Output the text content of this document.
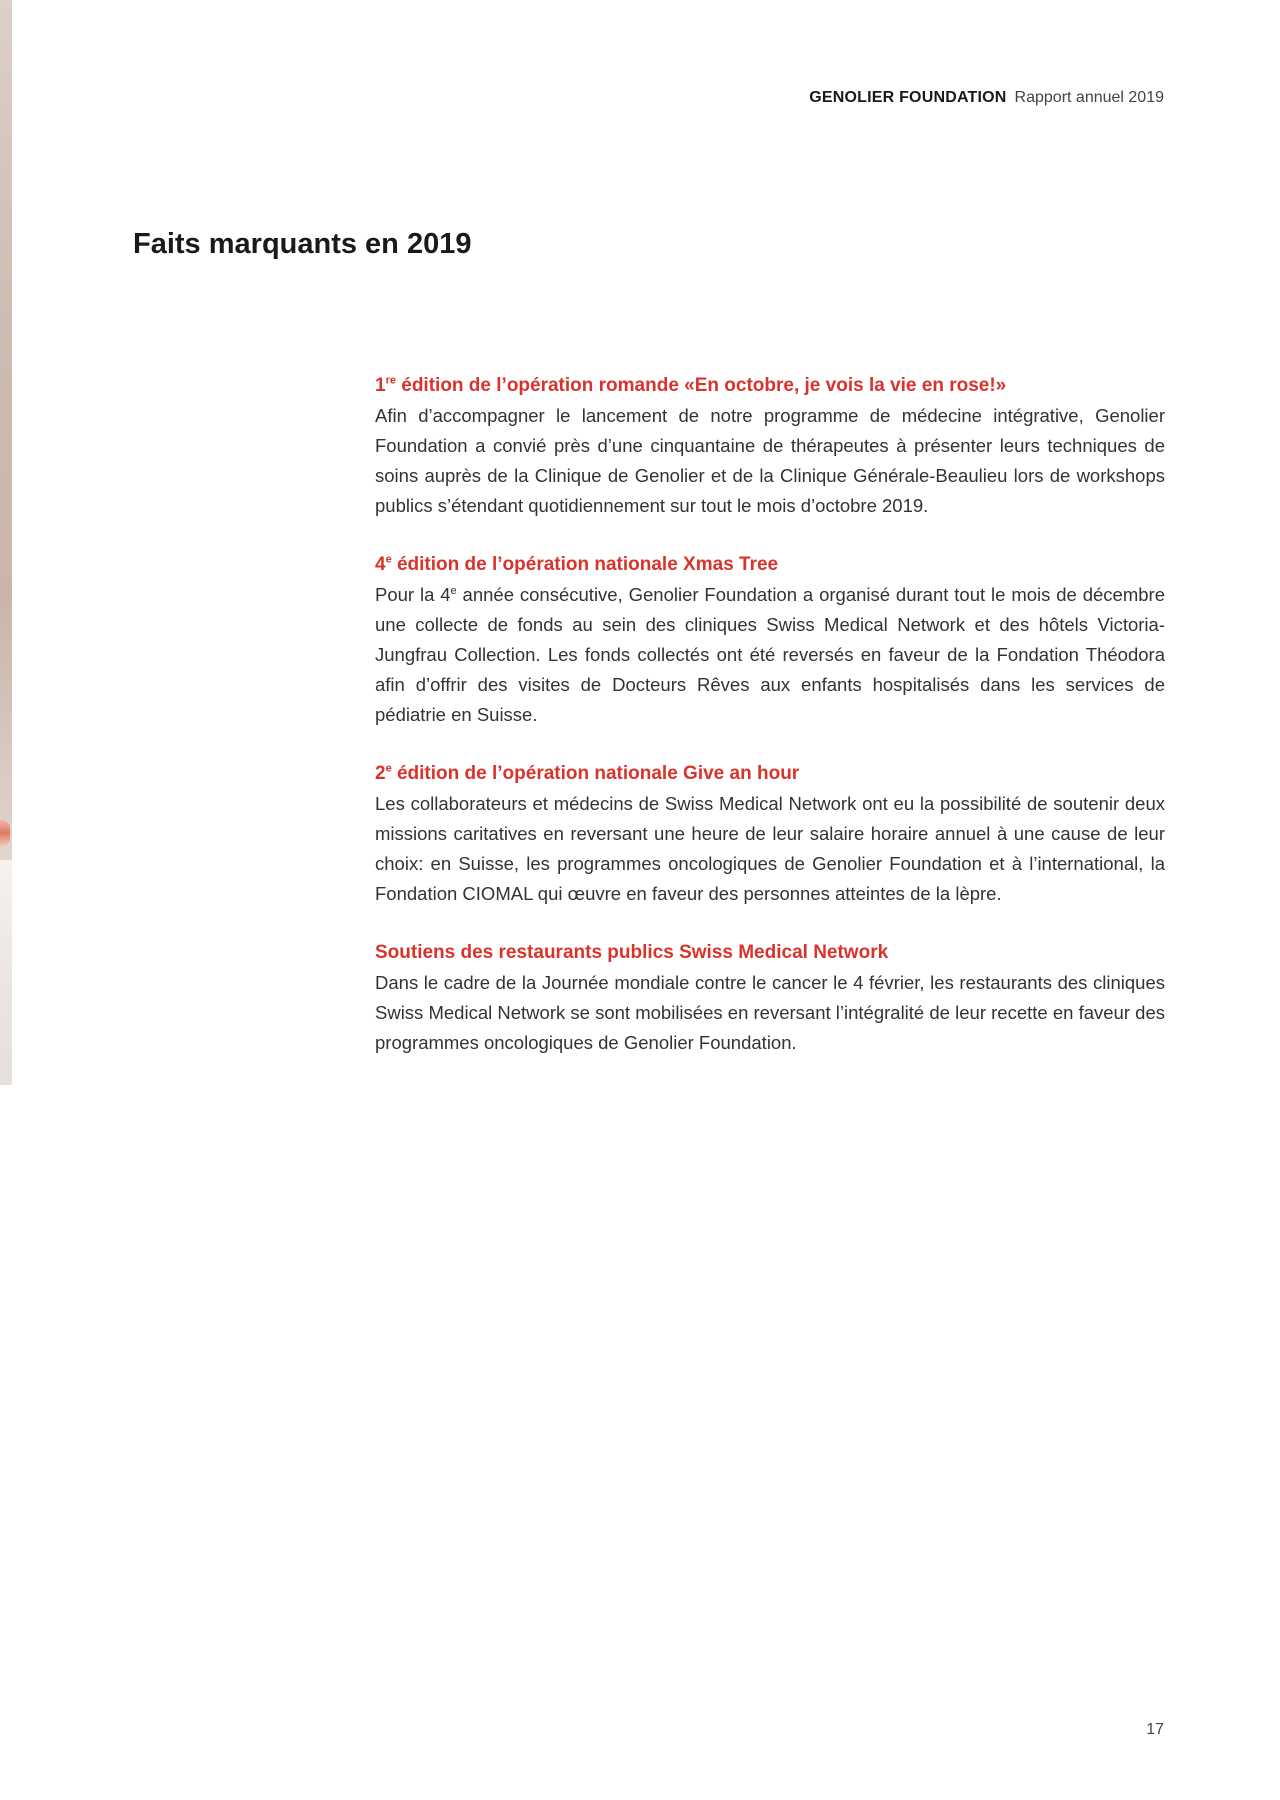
GENOLIER FOUNDATION Rapport annuel 2019
Faits marquants en 2019
1re édition de l’opération romande «En octobre, je vois la vie en rose!»

Afin d’accompagner le lancement de notre programme de médecine intégrative, Genolier Foundation a convié près d’une cinquantaine de thérapeutes à présenter leurs techniques de soins auprès de la Clinique de Genolier et de la Clinique Générale-Beaulieu lors de workshops publics s’étendant quotidiennement sur tout le mois d’octobre 2019.

4e édition de l’opération nationale Xmas Tree

Pour la 4e année consécutive, Genolier Foundation a organisé durant tout le mois de décembre une collecte de fonds au sein des cliniques Swiss Medical Network et des hôtels Victoria-Jungfrau Collection. Les fonds collectés ont été reversés en faveur de la Fondation Théodora afin d’offrir des visites de Docteurs Rêves aux enfants hospitalisés dans les services de pédiatrie en Suisse.

2e édition de l’opération nationale Give an hour

Les collaborateurs et médecins de Swiss Medical Network ont eu la possibilité de soutenir deux missions caritatives en reversant une heure de leur salaire horaire annuel à une cause de leur choix: en Suisse, les programmes oncologiques de Genolier Foundation et à l’international, la Fondation CIOMAL qui œuvre en faveur des personnes atteintes de la lèpre.

Soutiens des restaurants publics Swiss Medical Network

Dans le cadre de la Journée mondiale contre le cancer le 4 février, les restaurants des cliniques Swiss Medical Network se sont mobilisées en reversant l’intégralité de leur recette en faveur des programmes oncologiques de Genolier Foundation.

17
